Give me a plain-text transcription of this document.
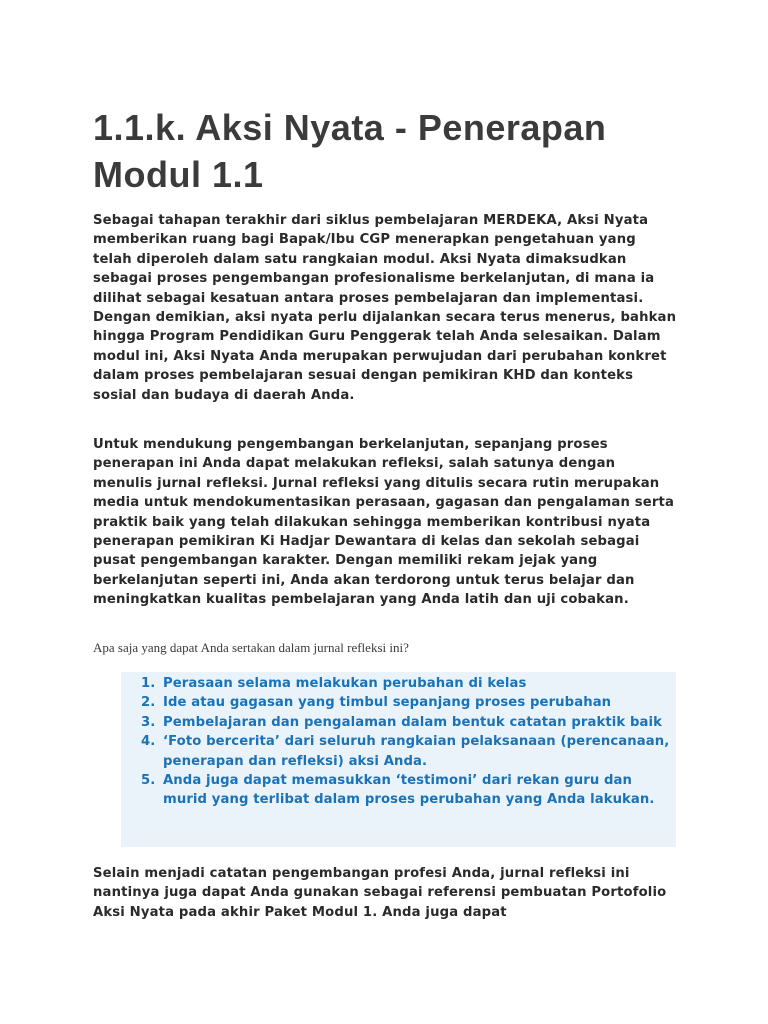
1.1.k. Aksi Nyata - Penerapan Modul 1.1

Sebagai tahapan terakhir dari siklus pembelajaran MERDEKA, Aksi Nyata memberikan ruang bagi Bapak/Ibu CGP menerapkan pengetahuan yang telah diperoleh dalam satu rangkaian modul. Aksi Nyata dimaksudkan sebagai proses pengembangan profesionalisme berkelanjutan, di mana ia dilihat sebagai kesatuan antara proses pembelajaran dan implementasi. Dengan demikian, aksi nyata perlu dijalankan secara terus menerus, bahkan hingga Program Pendidikan Guru Penggerak telah Anda selesaikan. Dalam modul ini, Aksi Nyata Anda merupakan perwujudan dari perubahan konkret dalam proses pembelajaran sesuai dengan pemikiran KHD dan konteks sosial dan budaya di daerah Anda.

Untuk mendukung pengembangan berkelanjutan, sepanjang proses penerapan ini Anda dapat melakukan refleksi, salah satunya dengan menulis jurnal refleksi. Jurnal refleksi yang ditulis secara rutin merupakan media untuk mendokumentasikan perasaan, gagasan dan pengalaman serta praktik baik yang telah dilakukan sehingga memberikan kontribusi nyata penerapan pemikiran Ki Hadjar Dewantara di kelas dan sekolah sebagai pusat pengembangan karakter. Dengan memiliki rekam jejak yang berkelanjutan seperti ini, Anda akan terdorong untuk terus belajar dan meningkatkan kualitas pembelajaran yang Anda latih dan uji cobakan.

Apa saja yang dapat Anda sertakan dalam jurnal refleksi ini?

1. Perasaan selama melakukan perubahan di kelas
2. Ide atau gagasan yang timbul sepanjang proses perubahan
3. Pembelajaran dan pengalaman dalam bentuk catatan praktik baik
4. ‘Foto bercerita’ dari seluruh rangkaian pelaksanaan (perencanaan, penerapan dan refleksi) aksi Anda.
5. Anda juga dapat memasukkan ‘testimoni’ dari rekan guru dan murid yang terlibat dalam proses perubahan yang Anda lakukan.

Selain menjadi catatan pengembangan profesi Anda, jurnal refleksi ini nantinya juga dapat Anda gunakan sebagai referensi pembuatan Portofolio Aksi Nyata pada akhir Paket Modul 1. Anda juga dapat
